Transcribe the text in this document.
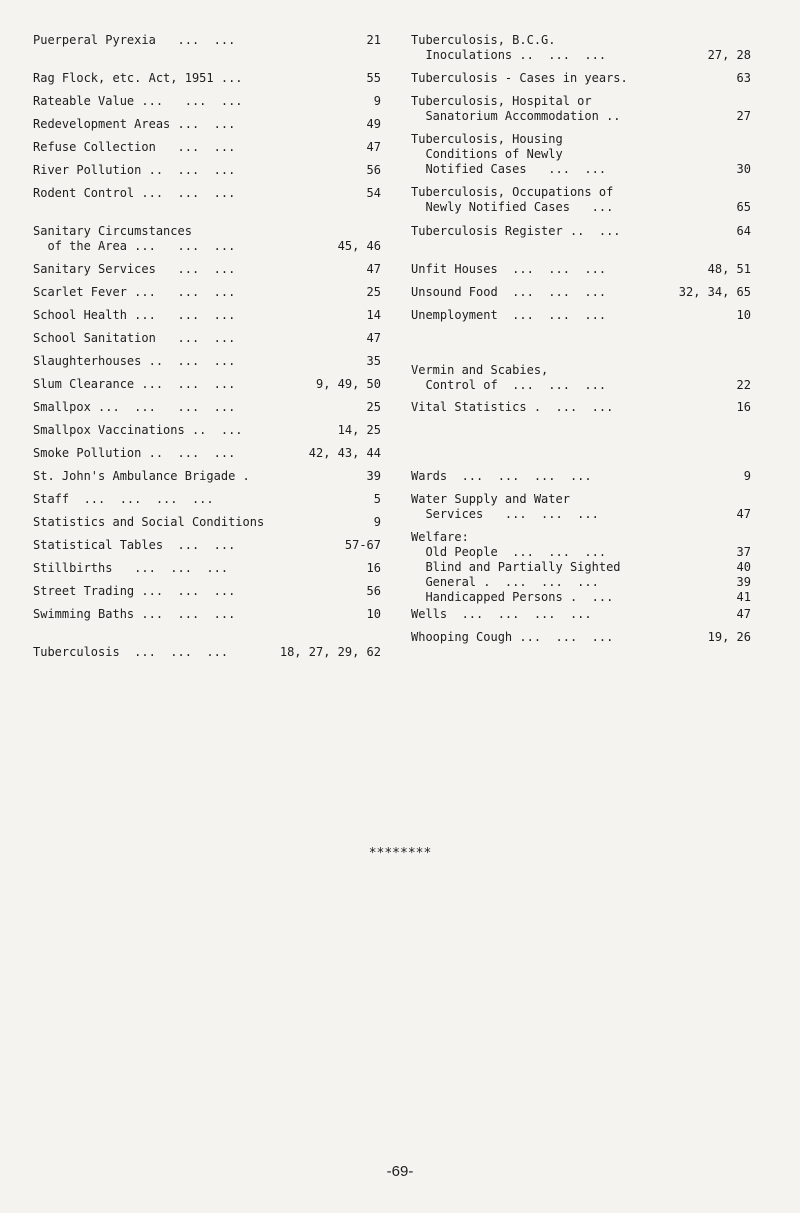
Puerperal Pyrexia   ...  ...	21
Rag Flock, etc. Act, 1951 ...	55
Rateable Value ...   ...  ...	9
Redevelopment Areas ...  ...	49
Refuse Collection   ...  ...	47
River Pollution ..  ...  ...	56
Rodent Control ...  ...  ...	54
Sanitary Circumstances
of the Area ...   ...  ...	45, 46
Sanitary Services   ...  ...	47
Scarlet Fever ...   ...  ...	25
School Health ...   ...  ...	14
School Sanitation   ...  ...	47
Slaughterhouses ..  ...  ...	35
Slum Clearance ...  ...  ...	9, 49, 50
Smallpox ...  ...   ...  ...	25
Smallpox Vaccinations ..  ...	14, 25
Smoke Pollution ..  ...  ...	42, 43, 44
St. John's Ambulance Brigade .	39
Staff  ...  ...  ...  ...	5
Statistics and Social Conditions	9
Statistical Tables  ...  ...	57-67
Stillbirths   ...  ...  ...	16
Street Trading ...  ...  ...	56
Swimming Baths ...  ...  ...	10
Tuberculosis  ...  ...  ...	18, 27, 29, 62
Tuberculosis, B.C.G.
Inoculations ..  ...  ...	27, 28
Tuberculosis - Cases in years.	63
Tuberculosis, Hospital or
Sanatorium Accommodation ..	27
Tuberculosis, Housing
Conditions of Newly
Notified Cases   ...  ...	30
Tuberculosis, Occupations of
Newly Notified Cases   ...	65
Tuberculosis Register ..  ...	64
Unfit Houses  ...  ...  ...	48, 51
Unsound Food  ...  ...  ...	32, 34, 65
Unemployment  ...  ...  ...	10
Vermin and Scabies,
Control of  ...  ...  ...	22
Vital Statistics .  ...  ...	16
Wards  ...  ...  ...  ...	9
Water Supply and Water
Services   ...  ...  ...	47
Welfare:
Old People  ...  ...  ...	37
Blind and Partially Sighted	40
General .  ...  ...  ...	39
Handicapped Persons .  ...	41
Wells  ...  ...  ...  ...	47
Whooping Cough ...  ...  ...	19, 26
********
-69-
